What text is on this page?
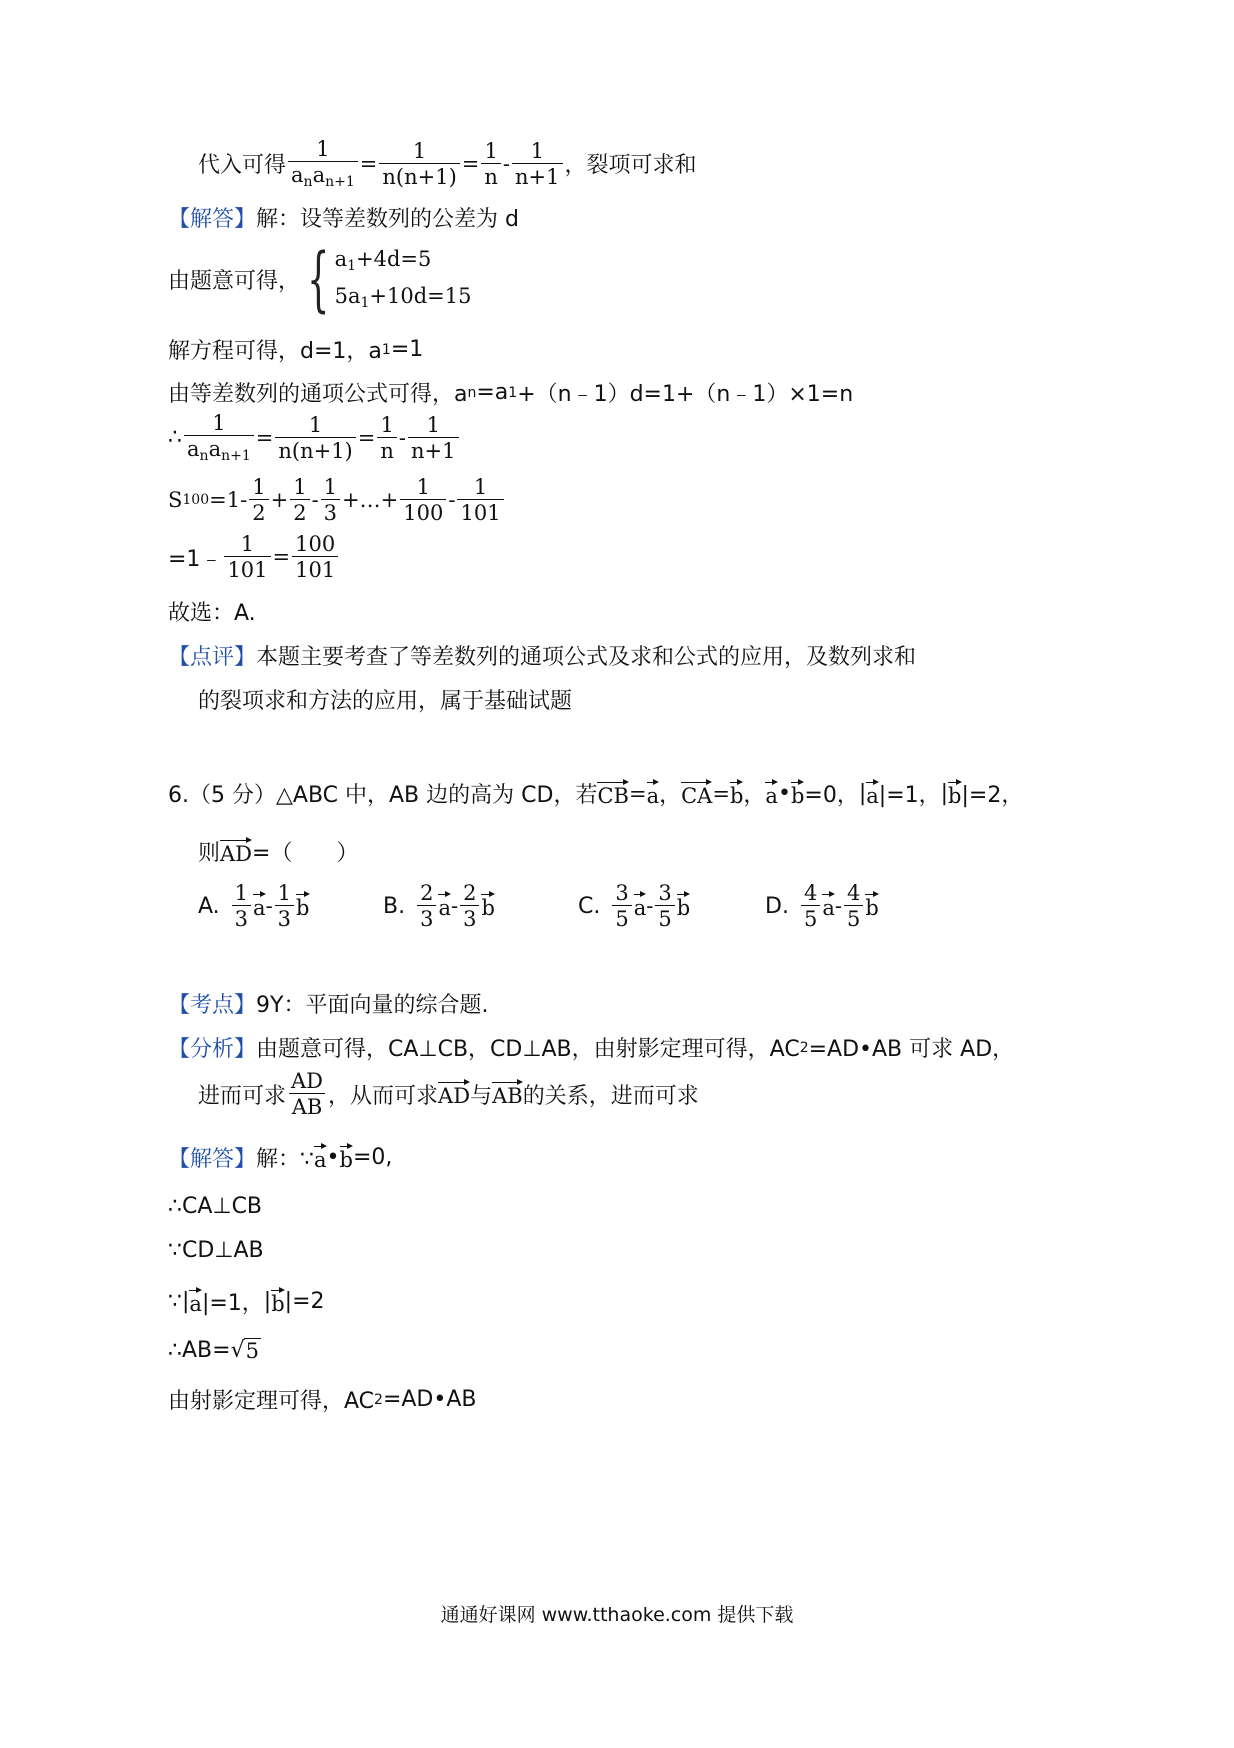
代入可得 $\frac{1}{a_na_{n+1}} = \frac{1}{n(n+1)} = \frac{1}{n} - \frac{1}{n+1}$ ，裂项可求和
【解答】 解：设等差数列的公差为 d
由题意可得， { $a_1+4d=5$
$5a_1+10d=15$
解方程可得，d=1，a 1 =1
由等差数列的通项公式可得，a n =a 1 +（n﹣1）d=1+（n﹣1）×1=n
∴ $\frac{1}{a_na_{n+1}} = \frac{1}{n(n+1)} = \frac{1}{n} - \frac{1}{n+1}$
S $100 =1 - \frac{1}{2} + \frac{1}{2} - \frac{1}{3}$ + … + $\frac{1}{100} - \frac{1}{101}$
=1﹣ $\frac{1}{101} = \frac{100}{101}$
故选：A.
【点评】 本题主要考查了等差数列的通项公式及求和公式的应用，及数列求和
的裂项求和方法的应用，属于基础试题
6.（5 分）△ABC 中，AB 边的高为 CD，若 CB = a ， CA = b ， a • b =0， | a |=1， | b |=2，
则 AD =（　　）
A. $\frac{1}{3}$ a - $\frac{1}{3}$ b	B. $\frac{2}{3}$ a - $\frac{2}{3}$ b	C. $\frac{3}{5}$ a - $\frac{3}{5}$ b	D. $\frac{4}{5}$ a - $\frac{4}{5}$ b
【考点】 9Y：平面向量的综合题.
【分析】 由题意可得，CA⊥CB，CD⊥AB，由射影定理可得，AC 2 =AD•AB 可求 AD，
进而可求 $\frac{AD}{AB}$ ，从而可求 AD 与 AB 的关系，进而可求
【解答】 解：∵ a • b =0,
∴CA⊥CB
∵CD⊥AB
∵ | a |=1， | b |=2
∴AB= √ 5
由射影定理可得，AC 2 =AD•AB
通通好课网 www.tthaoke.com 提供下载
